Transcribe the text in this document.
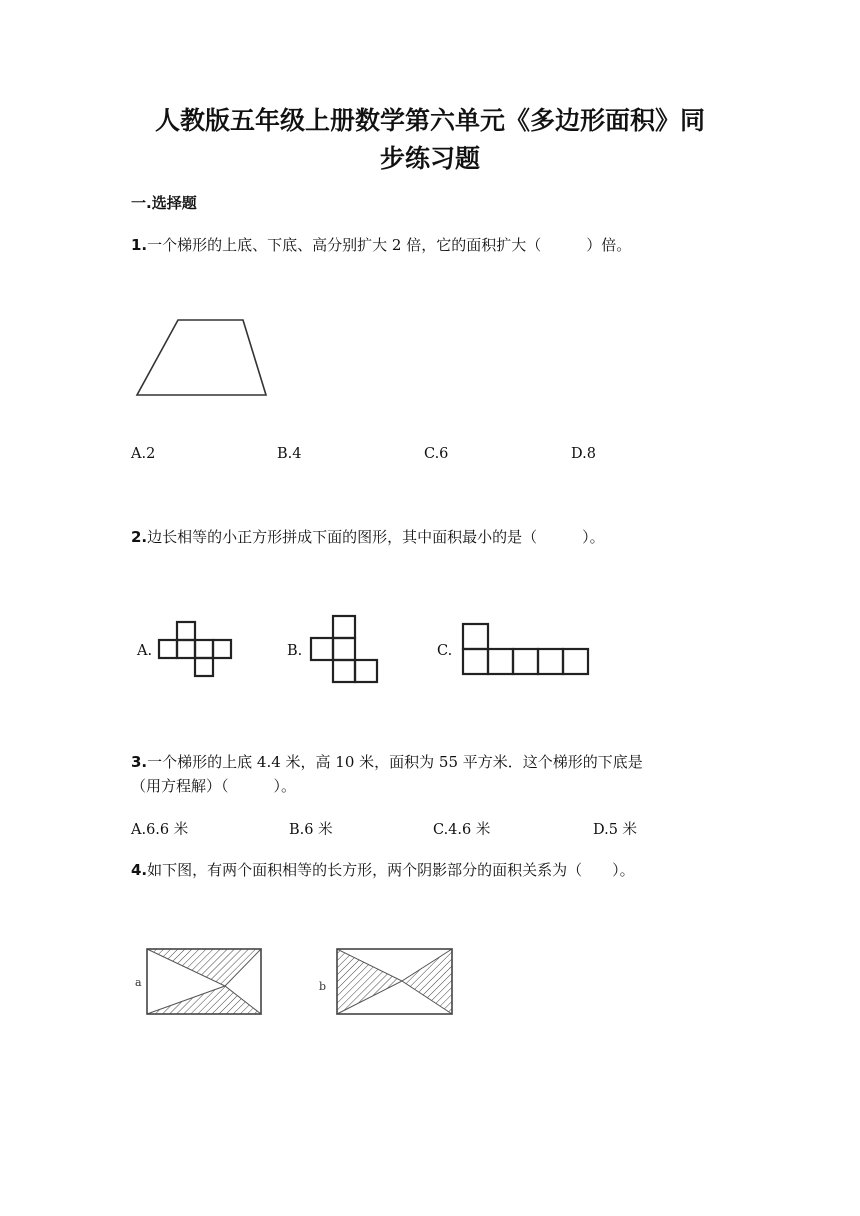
人教版五年级上册数学第六单元《多边形面积》同
步练习题
一.选择题
1.一个梯形的上底、下底、高分别扩大 2 倍，它的面积扩大（　　　）倍。
A.2	B.4	C.6	D.8
2.边长相等的小正方形拼成下面的图形，其中面积最小的是（　　　）。
A.	B.	C.
3.一个梯形的上底 4.4 米，高 10 米，面积为 55 平方米．这个梯形的下底是
（用方程解）（　　　）。
A.6.6 米	B.6 米	C.4.6 米	D.5 米
4.如下图，有两个面积相等的长方形，两个阴影部分的面积关系为（　　）。
a	b
